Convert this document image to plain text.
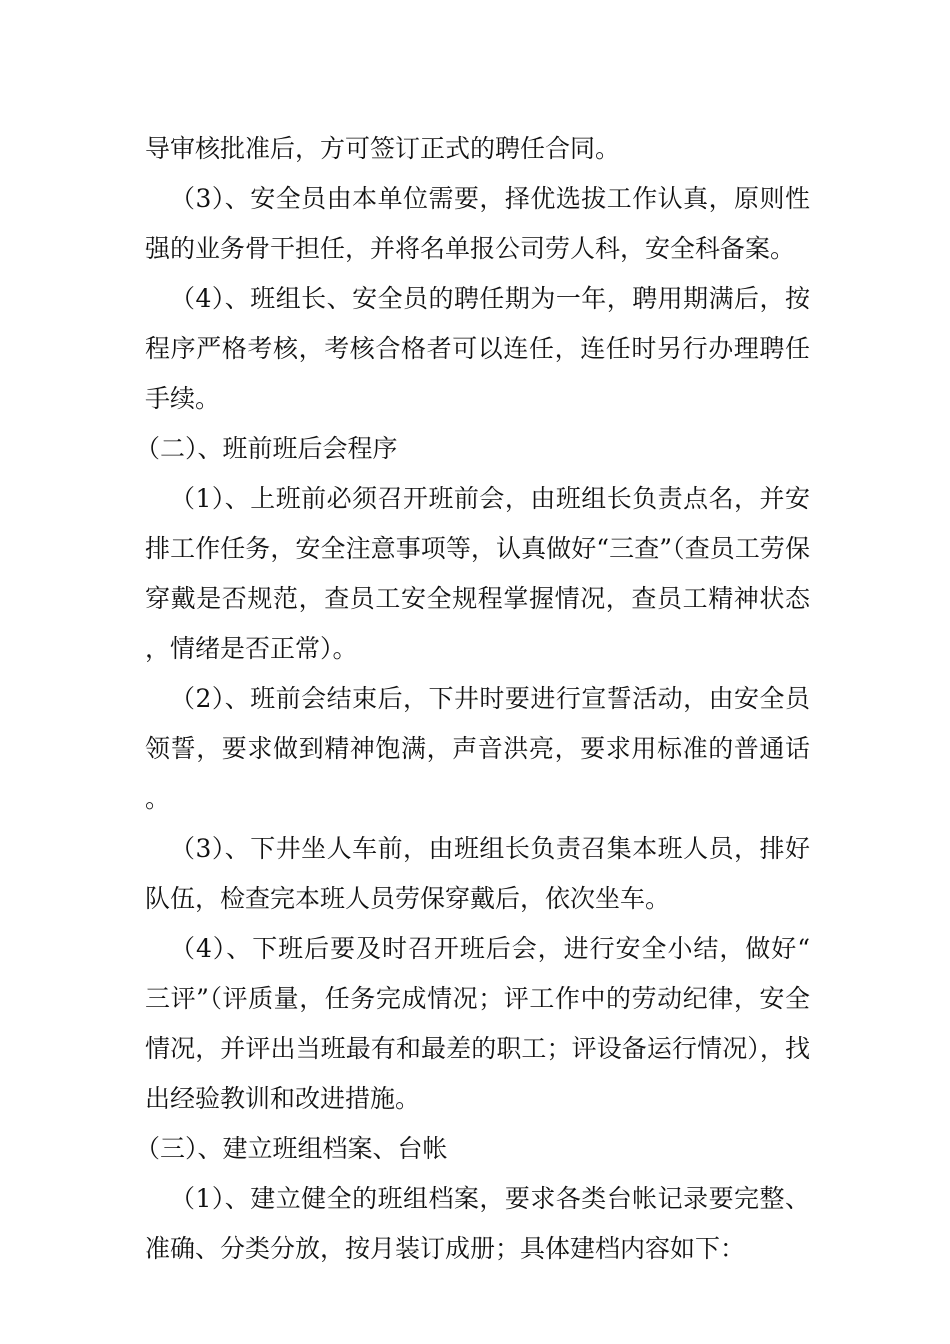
导审核批准后，方可签订正式的聘任合同。

（3）、安全员由本单位需要，择优选拔工作认真，原则性强的业务骨干担任，并将名单报公司劳人科，安全科备案。

（4）、班组长、安全员的聘任期为一年，聘用期满后，按程序严格考核，考核合格者可以连任，连任时另行办理聘任手续。

（二）、班前班后会程序

（1）、上班前必须召开班前会，由班组长负责点名，并安排工作任务，安全注意事项等，认真做好“三查”（查员工劳保穿戴是否规范，查员工安全规程掌握情况，查员工精神状态，情绪是否正常）。

（2）、班前会结束后，下井时要进行宣誓活动，由安全员领誓，要求做到精神饱满，声音洪亮，要求用标准的普通话。

（3）、下井坐人车前，由班组长负责召集本班人员，排好队伍，检查完本班人员劳保穿戴后，依次坐车。

（4）、下班后要及时召开班后会，进行安全小结，做好“三评”（评质量，任务完成情况；评工作中的劳动纪律，安全情况，并评出当班最有和最差的职工；评设备运行情况），找出经验教训和改进措施。

（三）、建立班组档案、台帐

（1）、建立健全的班组档案，要求各类台帐记录要完整、准确、分类分放，按月装订成册；具体建档内容如下：
